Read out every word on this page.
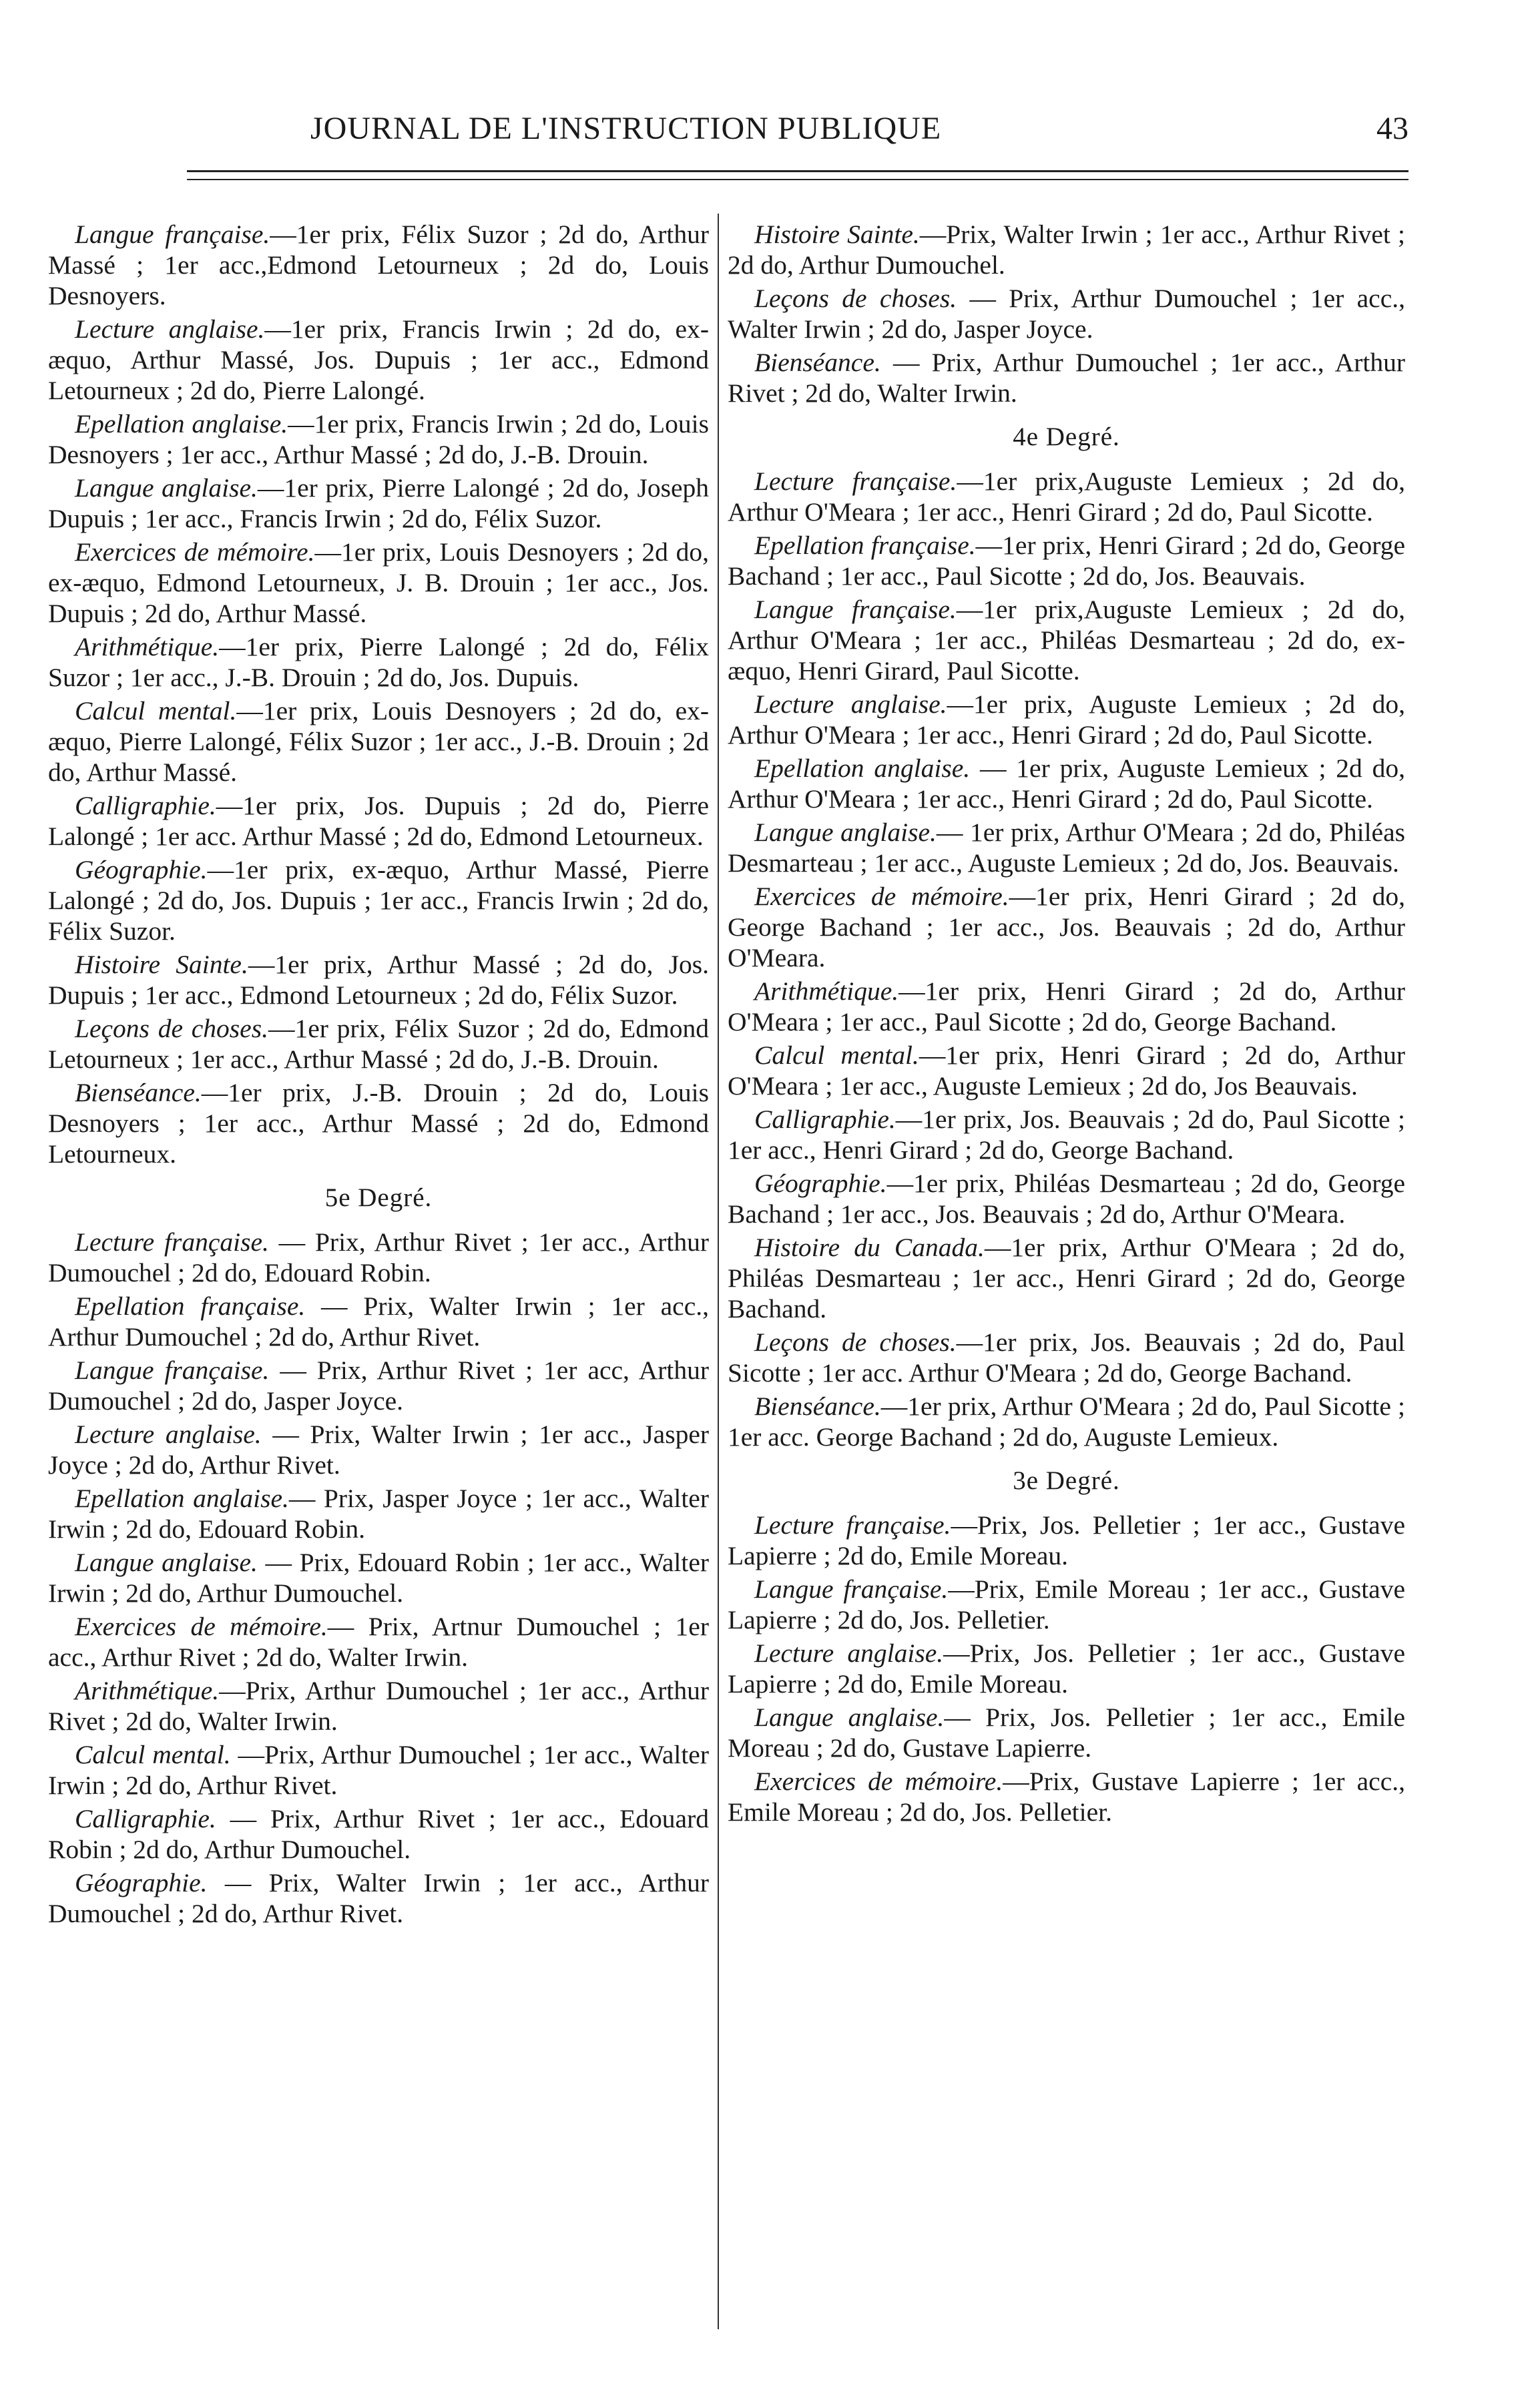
JOURNAL DE L'INSTRUCTION PUBLIQUE	43

Langue française.—1er prix, Félix Suzor ; 2d do, Arthur Massé ; 1er acc.,Edmond Letourneux ; 2d do, Louis Desnoyers.

Lecture anglaise.—1er prix, Francis Irwin ; 2d do, ex-æquo, Arthur Massé, Jos. Dupuis ; 1er acc., Edmond Letourneux ; 2d do, Pierre Lalongé.

Epellation anglaise.—1er prix, Francis Irwin ; 2d do, Louis Desnoyers ; 1er acc., Arthur Massé ; 2d do, J.-B. Drouin.

Langue anglaise.—1er prix, Pierre Lalongé ; 2d do, Joseph Dupuis ; 1er acc., Francis Irwin ; 2d do, Félix Suzor.

Exercices de mémoire.—1er prix, Louis Desnoyers ; 2d do, ex-æquo, Edmond Letourneux, J. B. Drouin ; 1er acc., Jos. Dupuis ; 2d do, Arthur Massé.

Arithmétique.—1er prix, Pierre Lalongé ; 2d do, Félix Suzor ; 1er acc., J.-B. Drouin ; 2d do, Jos. Dupuis.

Calcul mental.—1er prix, Louis Desnoyers ; 2d do, ex-æquo, Pierre Lalongé, Félix Suzor ; 1er acc., J.-B. Drouin ; 2d do, Arthur Massé.

Calligraphie.—1er prix, Jos. Dupuis ; 2d do, Pierre Lalongé ; 1er acc. Arthur Massé ; 2d do, Edmond Letourneux.

Géographie.—1er prix, ex-æquo, Arthur Massé, Pierre Lalongé ; 2d do, Jos. Dupuis ; 1er acc., Francis Irwin ; 2d do, Félix Suzor.

Histoire Sainte.—1er prix, Arthur Massé ; 2d do, Jos. Dupuis ; 1er acc., Edmond Letourneux ; 2d do, Félix Suzor.

Leçons de choses.—1er prix, Félix Suzor ; 2d do, Edmond Letourneux ; 1er acc., Arthur Massé ; 2d do, J.-B. Drouin.

Bienséance.—1er prix, J.-B. Drouin ; 2d do, Louis Desnoyers ; 1er acc., Arthur Massé ; 2d do, Edmond Letourneux.

5e Degré.

Lecture française. — Prix, Arthur Rivet ; 1er acc., Arthur Dumouchel ; 2d do, Edouard Robin.

Epellation française. — Prix, Walter Irwin ; 1er acc., Arthur Dumouchel ; 2d do, Arthur Rivet.

Langue française. — Prix, Arthur Rivet ; 1er acc, Arthur Dumouchel ; 2d do, Jasper Joyce.

Lecture anglaise. — Prix, Walter Irwin ; 1er acc., Jasper Joyce ; 2d do, Arthur Rivet.

Epellation anglaise.— Prix, Jasper Joyce ; 1er acc., Walter Irwin ; 2d do, Edouard Robin.

Langue anglaise. — Prix, Edouard Robin ; 1er acc., Walter Irwin ; 2d do, Arthur Dumouchel.

Exercices de mémoire.— Prix, Artnur Dumouchel ; 1er acc., Arthur Rivet ; 2d do, Walter Irwin.

Arithmétique.—Prix, Arthur Dumouchel ; 1er acc., Arthur Rivet ; 2d do, Walter Irwin.

Calcul mental. —Prix, Arthur Dumouchel ; 1er acc., Walter Irwin ; 2d do, Arthur Rivet.

Calligraphie. — Prix, Arthur Rivet ; 1er acc., Edouard Robin ; 2d do, Arthur Dumouchel.

Géographie. — Prix, Walter Irwin ; 1er acc., Arthur Dumouchel ; 2d do, Arthur Rivet.

Histoire Sainte.—Prix, Walter Irwin ; 1er acc., Arthur Rivet ; 2d do, Arthur Dumouchel.

Leçons de choses. — Prix, Arthur Dumouchel ; 1er acc., Walter Irwin ; 2d do, Jasper Joyce.

Bienséance. — Prix, Arthur Dumouchel ; 1er acc., Arthur Rivet ; 2d do, Walter Irwin.

4e Degré.

Lecture française.—1er prix,Auguste Lemieux ; 2d do, Arthur O'Meara ; 1er acc., Henri Girard ; 2d do, Paul Sicotte.

Epellation française.—1er prix, Henri Girard ; 2d do, George Bachand ; 1er acc., Paul Sicotte ; 2d do, Jos. Beauvais.

Langue française.—1er prix,Auguste Lemieux ; 2d do, Arthur O'Meara ; 1er acc., Philéas Desmarteau ; 2d do, ex-æquo, Henri Girard, Paul Sicotte.

Lecture anglaise.—1er prix, Auguste Lemieux ; 2d do, Arthur O'Meara ; 1er acc., Henri Girard ; 2d do, Paul Sicotte.

Epellation anglaise. — 1er prix, Auguste Lemieux ; 2d do, Arthur O'Meara ; 1er acc., Henri Girard ; 2d do, Paul Sicotte.

Langue anglaise.— 1er prix, Arthur O'Meara ; 2d do, Philéas Desmarteau ; 1er acc., Auguste Lemieux ; 2d do, Jos. Beauvais.

Exercices de mémoire.—1er prix, Henri Girard ; 2d do, George Bachand ; 1er acc., Jos. Beauvais ; 2d do, Arthur O'Meara.

Arithmétique.—1er prix, Henri Girard ; 2d do, Arthur O'Meara ; 1er acc., Paul Sicotte ; 2d do, George Bachand.

Calcul mental.—1er prix, Henri Girard ; 2d do, Arthur O'Meara ; 1er acc., Auguste Lemieux ; 2d do, Jos Beauvais.

Calligraphie.—1er prix, Jos. Beauvais ; 2d do, Paul Sicotte ; 1er acc., Henri Girard ; 2d do, George Bachand.

Géographie.—1er prix, Philéas Desmarteau ; 2d do, George Bachand ; 1er acc., Jos. Beauvais ; 2d do, Arthur O'Meara.

Histoire du Canada.—1er prix, Arthur O'Meara ; 2d do, Philéas Desmarteau ; 1er acc., Henri Girard ; 2d do, George Bachand.

Leçons de choses.—1er prix, Jos. Beauvais ; 2d do, Paul Sicotte ; 1er acc. Arthur O'Meara ; 2d do, George Bachand.

Bienséance.—1er prix, Arthur O'Meara ; 2d do, Paul Sicotte ; 1er acc. George Bachand ; 2d do, Auguste Lemieux.

3e Degré.

Lecture française.—Prix, Jos. Pelletier ; 1er acc., Gustave Lapierre ; 2d do, Emile Moreau.

Langue française.—Prix, Emile Moreau ; 1er acc., Gustave Lapierre ; 2d do, Jos. Pelletier.

Lecture anglaise.—Prix, Jos. Pelletier ; 1er acc., Gustave Lapierre ; 2d do, Emile Moreau.

Langue anglaise.— Prix, Jos. Pelletier ; 1er acc., Emile Moreau ; 2d do, Gustave Lapierre.

Exercices de mémoire.—Prix, Gustave Lapierre ; 1er acc., Emile Moreau ; 2d do, Jos. Pelletier.
